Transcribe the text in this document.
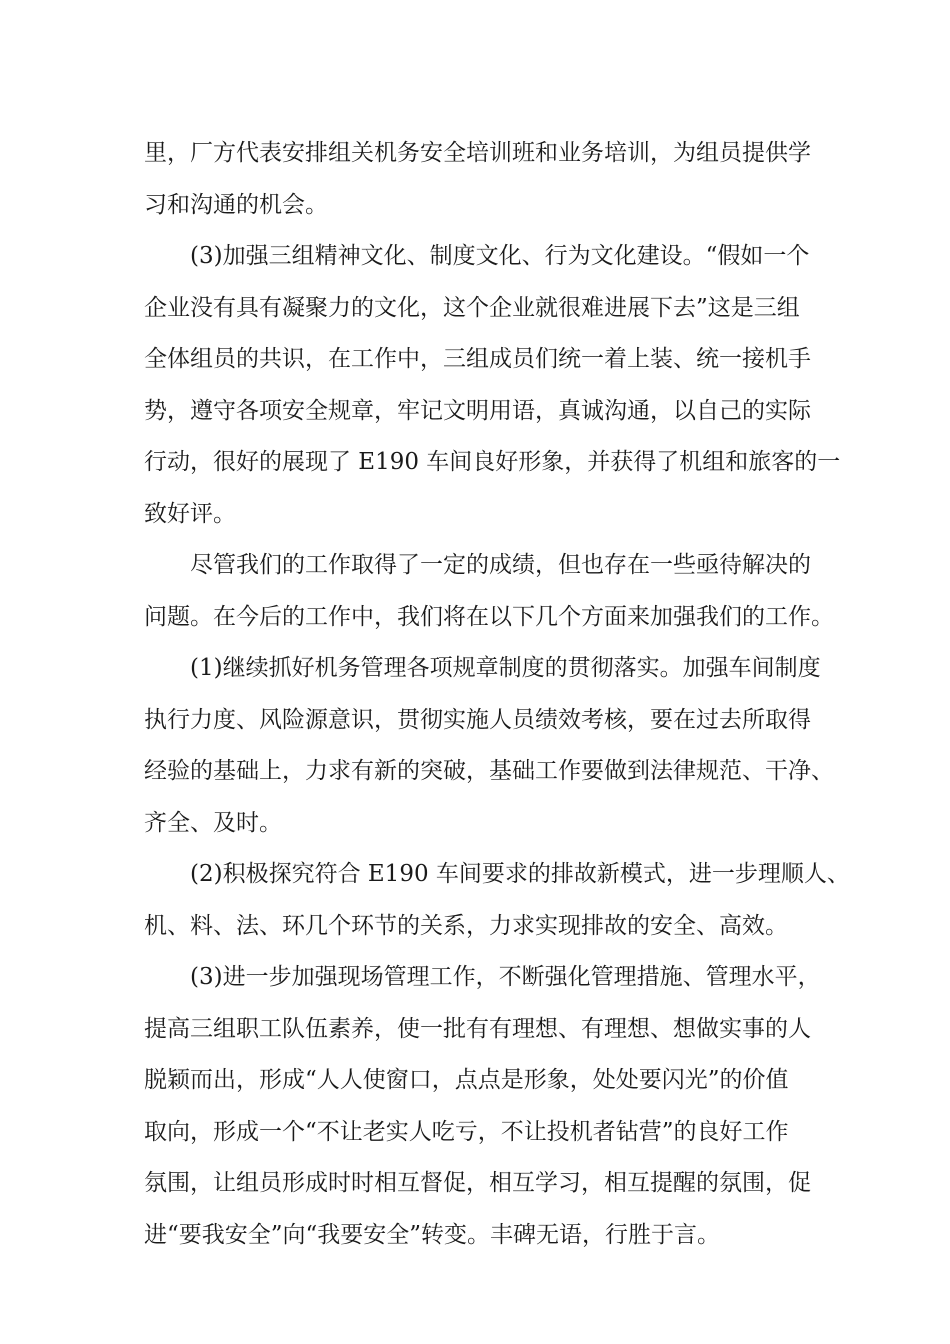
里，厂方代表安排组关机务安全培训班和业务培训，为组员提供学
习和沟通的机会。
(3)加强三组精神文化、制度文化、行为文化建设。“假如一个
企业没有具有凝聚力的文化，这个企业就很难进展下去”这是三组
全体组员的共识，在工作中，三组成员们统一着上装、统一接机手
势，遵守各项安全规章，牢记文明用语，真诚沟通，以自己的实际
行动，很好的展现了 E190 车间良好形象，并获得了机组和旅客的一
致好评。
尽管我们的工作取得了一定的成绩，但也存在一些亟待解决的
问题。在今后的工作中，我们将在以下几个方面来加强我们的工作。
(1)继续抓好机务管理各项规章制度的贯彻落实。加强车间制度
执行力度、风险源意识，贯彻实施人员绩效考核，要在过去所取得
经验的基础上，力求有新的突破，基础工作要做到法律规范、干净、
齐全、及时。
(2)积极探究符合 E190 车间要求的排故新模式，进一步理顺人、
机、料、法、环几个环节的关系，力求实现排故的安全、高效。
(3)进一步加强现场管理工作，不断强化管理措施、管理水平，
提高三组职工队伍素养，使一批有有理想、有理想、想做实事的人
脱颖而出，形成“人人使窗口，点点是形象，处处要闪光”的价值
取向，形成一个“不让老实人吃亏，不让投机者钻营”的良好工作
氛围，让组员形成时时相互督促，相互学习，相互提醒的氛围，促
进“要我安全”向“我要安全”转变。丰碑无语，行胜于言。
